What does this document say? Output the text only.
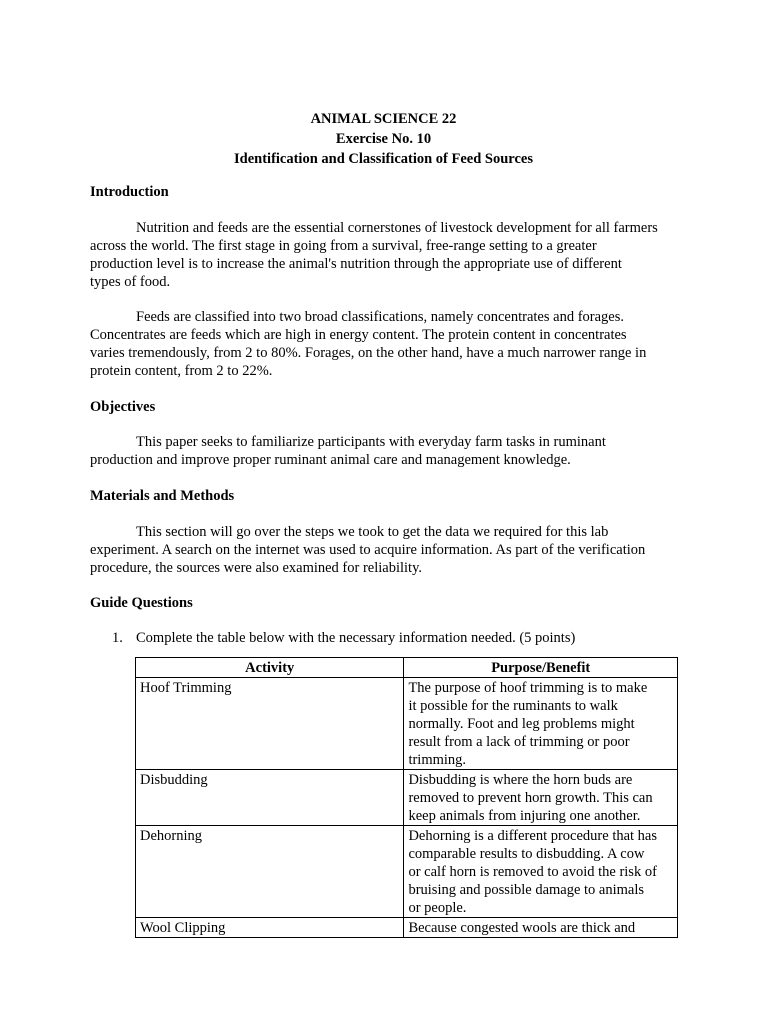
ANIMAL SCIENCE 22
Exercise No. 10
Identification and Classification of Feed Sources
Introduction
Nutrition and feeds are the essential cornerstones of livestock development for all farmers
across the world. The first stage in going from a survival, free-range setting to a greater
production level is to increase the animal's nutrition through the appropriate use of different
types of food.
Feeds are classified into two broad classifications, namely concentrates and forages.
Concentrates are feeds which are high in energy content. The protein content in concentrates
varies tremendously, from 2 to 80%. Forages, on the other hand, have a much narrower range in
protein content, from 2 to 22%.
Objectives
This paper seeks to familiarize participants with everyday farm tasks in ruminant
production and improve proper ruminant animal care and management knowledge.
Materials and Methods
This section will go over the steps we took to get the data we required for this lab
experiment. A search on the internet was used to acquire information. As part of the verification
procedure, the sources were also examined for reliability.
Guide Questions
1. Complete the table below with the necessary information needed. (5 points)
Activity	Purpose/Benefit
Hoof Trimming	The purpose of hoof trimming is to make
it possible for the ruminants to walk
normally. Foot and leg problems might
result from a lack of trimming or poor
trimming.

Disbudding	Disbudding is where the horn buds are
removed to prevent horn growth. This can
keep animals from injuring one another.

Dehorning	Dehorning is a different procedure that has
comparable results to disbudding. A cow
or calf horn is removed to avoid the risk of
bruising and possible damage to animals
or people.

Wool Clipping	Because congested wools are thick and
